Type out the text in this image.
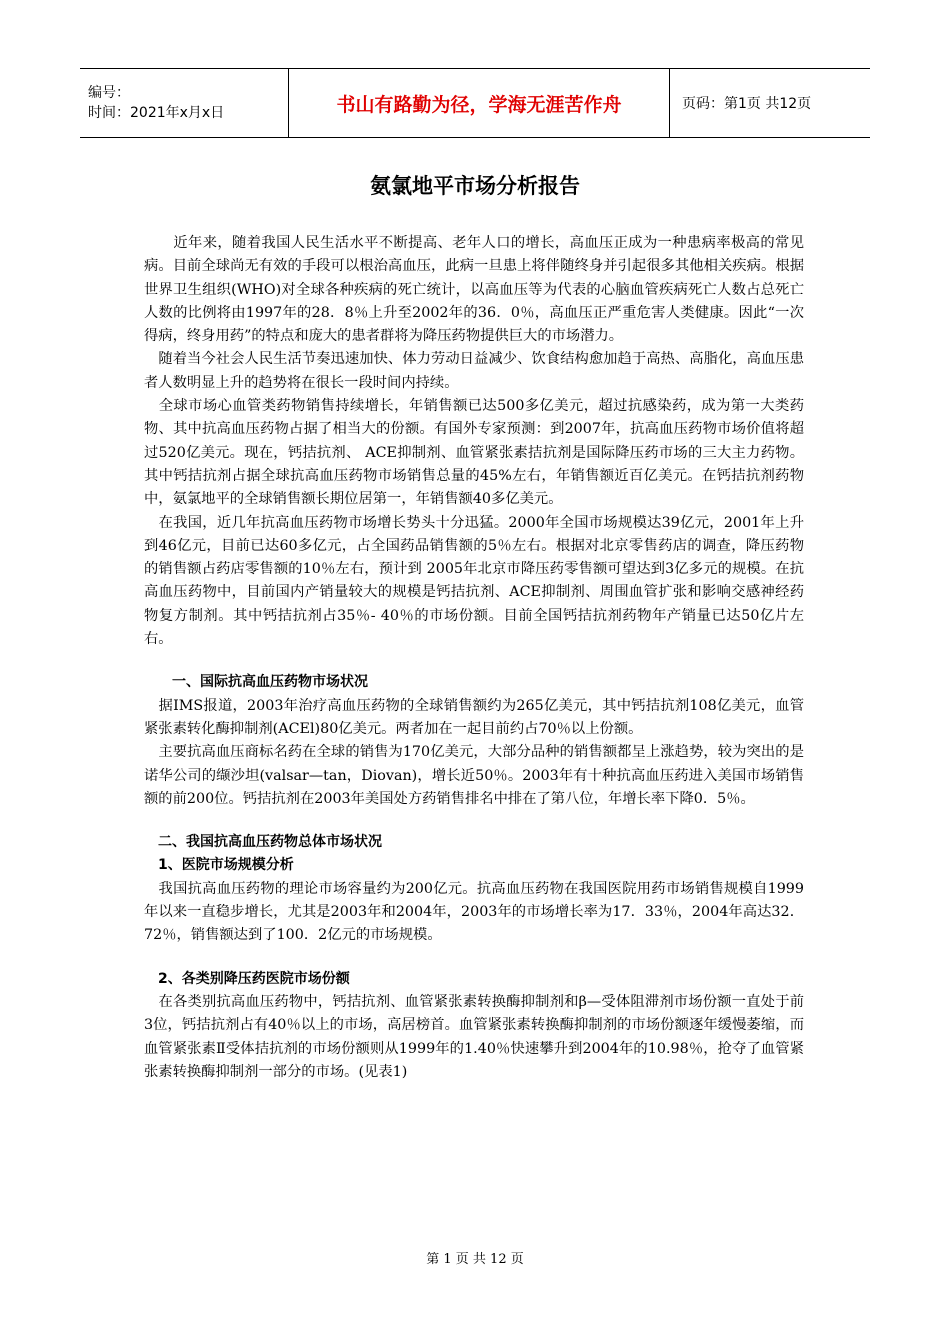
编号：
时间：2021年x月x日	书山有路勤为径，学海无涯苦作舟	页码：第1页 共12页
氨氯地平市场分析报告

　　近年来，随着我国人民生活水平不断提高、老年人口的增长，高血压正成为一种患病率极高的常见病。目前全球尚无有效的手段可以根治高血压，此病一旦患上将伴随终身并引起很多其他相关疾病。根据世界卫生组织(WHO)对全球各种疾病的死亡统计，以高血压等为代表的心脑血管疾病死亡人数占总死亡人数的比例将由1997年的28．8％上升至2002年的36．0％，高血压正严重危害人类健康。因此“一次得病，终身用药”的特点和庞大的患者群将为降压药物提供巨大的市场潜力。

　随着当今社会人民生活节奏迅速加快、体力劳动日益减少、饮食结构愈加趋于高热、高脂化，高血压患者人数明显上升的趋势将在很长一段时间内持续。

　全球市场心血管类药物销售持续增长，年销售额已达500多亿美元，超过抗感染药，成为第一大类药物、其中抗高血压药物占据了相当大的份额。有国外专家预测：到2007年，抗高血压药物市场价值将超过520亿美元。现在，钙拮抗剂、 ACE抑制剂、血管紧张素拮抗剂是国际降压药市场的三大主力药物。其中钙拮抗剂占据全球抗高血压药物市场销售总量的45%左右，年销售额近百亿美元。在钙拮抗剂药物中，氨氯地平的全球销售额长期位居第一，年销售额40多亿美元。

　在我国，近几年抗高血压药物市场增长势头十分迅猛。2000年全国市场规模达39亿元，2001年上升到46亿元，目前已达60多亿元，占全国药品销售额的5％左右。根据对北京零售药店的调查，降压药物的销售额占药店零售额的10％左右，预计到 2005年北京市降压药零售额可望达到3亿多元的规模。在抗高血压药物中，目前国内产销量较大的规模是钙拮抗剂、ACE抑制剂、周围血管扩张和影响交感神经药物复方制剂。其中钙拮抗剂占35％- 40％的市场份额。目前全国钙拮抗剂药物年产销量已达50亿片左右。

　　一、国际抗高血压药物市场状况

　据IMS报道，2003年治疗高血压药物的全球销售额约为265亿美元，其中钙拮抗剂108亿美元，血管紧张素转化酶抑制剂(ACEl)80亿美元。两者加在一起目前约占70％以上份额。

　主要抗高血压商标名药在全球的销售为170亿美元，大部分品种的销售额都呈上涨趋势，较为突出的是诺华公司的缬沙坦(valsar—tan，Diovan)，增长近50％。2003年有十种抗高血压药进入美国市场销售额的前200位。钙拮抗剂在2003年美国处方药销售排名中排在了第八位，年增长率下降0．5％。

　二、我国抗高血压药物总体市场状况

　1、医院市场规模分析

　我国抗高血压药物的理论市场容量约为200亿元。抗高血压药物在我国医院用药市场销售规模自1999年以来一直稳步增长，尤其是2003年和2004年，2003年的市场增长率为17．33％，2004年高达32．72％，销售额达到了100．2亿元的市场规模。

　2、各类别降压药医院市场份额

　在各类别抗高血压药物中，钙拮抗剂、血管紧张素转换酶抑制剂和β—受体阻滞剂市场份额一直处于前3位，钙拮抗剂占有40％以上的市场，高居榜首。血管紧张素转换酶抑制剂的市场份额逐年缓慢萎缩，而血管紧张素Ⅱ受体拮抗剂的市场份额则从1999年的1.40％快速攀升到2004年的10.98％，抢夺了血管紧张素转换酶抑制剂一部分的市场。(见表1)

第 1 页 共 12 页
